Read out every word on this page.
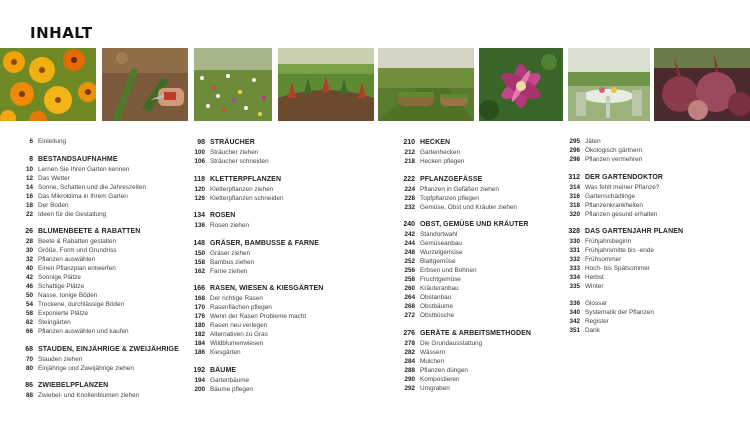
INHALT
6 Einleitung
8 BESTANDSAUFNAHME
10 Lernen Sie Ihren Garten kennen
12 Das Wetter
14 Sonne, Schatten und die Jahreszeiten
16 Das Mikroklima in Ihrem Garten
18 Der Boden
22 Ideen für die Gestaltung
26 BLUMENBEETE & RABATTEN
28 Beete & Rabatten gestalten
30 Größe, Form und Grundriss
32 Pflanzen auswählen
40 Einen Pflanzplan entwerfen
42 Sonnige Plätze
46 Schattige Plätze
50 Nasse, tonige Böden
54 Trockene, durchlässige Böden
58 Exponierte Plätze
62 Steingärten
66 Pflanzen auswählen und kaufen
68 STAUDEN, EINJÄHRIGE & ZWEIJÄHRIGE
70 Stauden ziehen
80 Einjährige und Zweijährige ziehen
86 ZWIEBELPFLANZEN
88 Zwiebel- und Knollenblumen ziehen
98 STRÄUCHER
100 Sträucher ziehen
106 Sträucher schneiden
118 KLETTERPFLANZEN
120 Kletterpflanzen ziehen
126 Kletterpflanzen schneiden
134 ROSEN
136 Rosen ziehen
148 GRÄSER, BAMBUSSE & FARNE
150 Gräser ziehen
158 Bambus ziehen
162 Farne ziehen
166 RASEN, WIESEN & KIESGÄRTEN
168 Der richtige Rasen
170 Rasenflächen pflegen
176 Wenn der Rasen Probleme macht
180 Rasen neu verlegen
182 Alternativen zu Gras
184 Wildblumenwiesen
186 Kiesgärten
192 BÄUME
194 Gartenbäume
200 Bäume pflegen
210 HECKEN
212 Gartenhecken
218 Hecken pflegen
222 PFLANZGEFÄSSE
224 Pflanzen in Gefäßen ziehen
228 Topfpflanzen pflegen
232 Gemüse, Obst und Kräuter ziehen
240 OBST, GEMÜSE UND KRÄUTER
242 Standortwahl
244 Gemüseanbau
248 Wurzelgemüse
252 Blattgemüse
256 Erbsen und Bohnen
258 Fruchtgemüse
260 Kräuteranbau
264 Obstanbau
268 Obstbäume
272 Obstbüsche
276 GERÄTE & ARBEITSMETHODEN
278 Die Grundausstattung
282 Wässern
284 Mulchen
288 Pflanzen düngen
290 Kompostieren
292 Umgraben
295 Jäten
296 Ökologisch gärtnern
298 Pflanzen vermehren
312 DER GARTENDOKTOR
314 Was fehlt meiner Pflanze?
316 Gartenschädlinge
318 Pflanzenkrankheiten
320 Pflanzen gesund erhalten
328 DAS GARTENJAHR PLANEN
330 Frühjahrsbeginn
331 Frühjahrsmitte bis -ende
332 Frühsommer
333 Hoch- bis Spätsommer
334 Herbst
335 Winter
336 Glossar
340 Systematik der Pflanzen
342 Register
351 Dank
